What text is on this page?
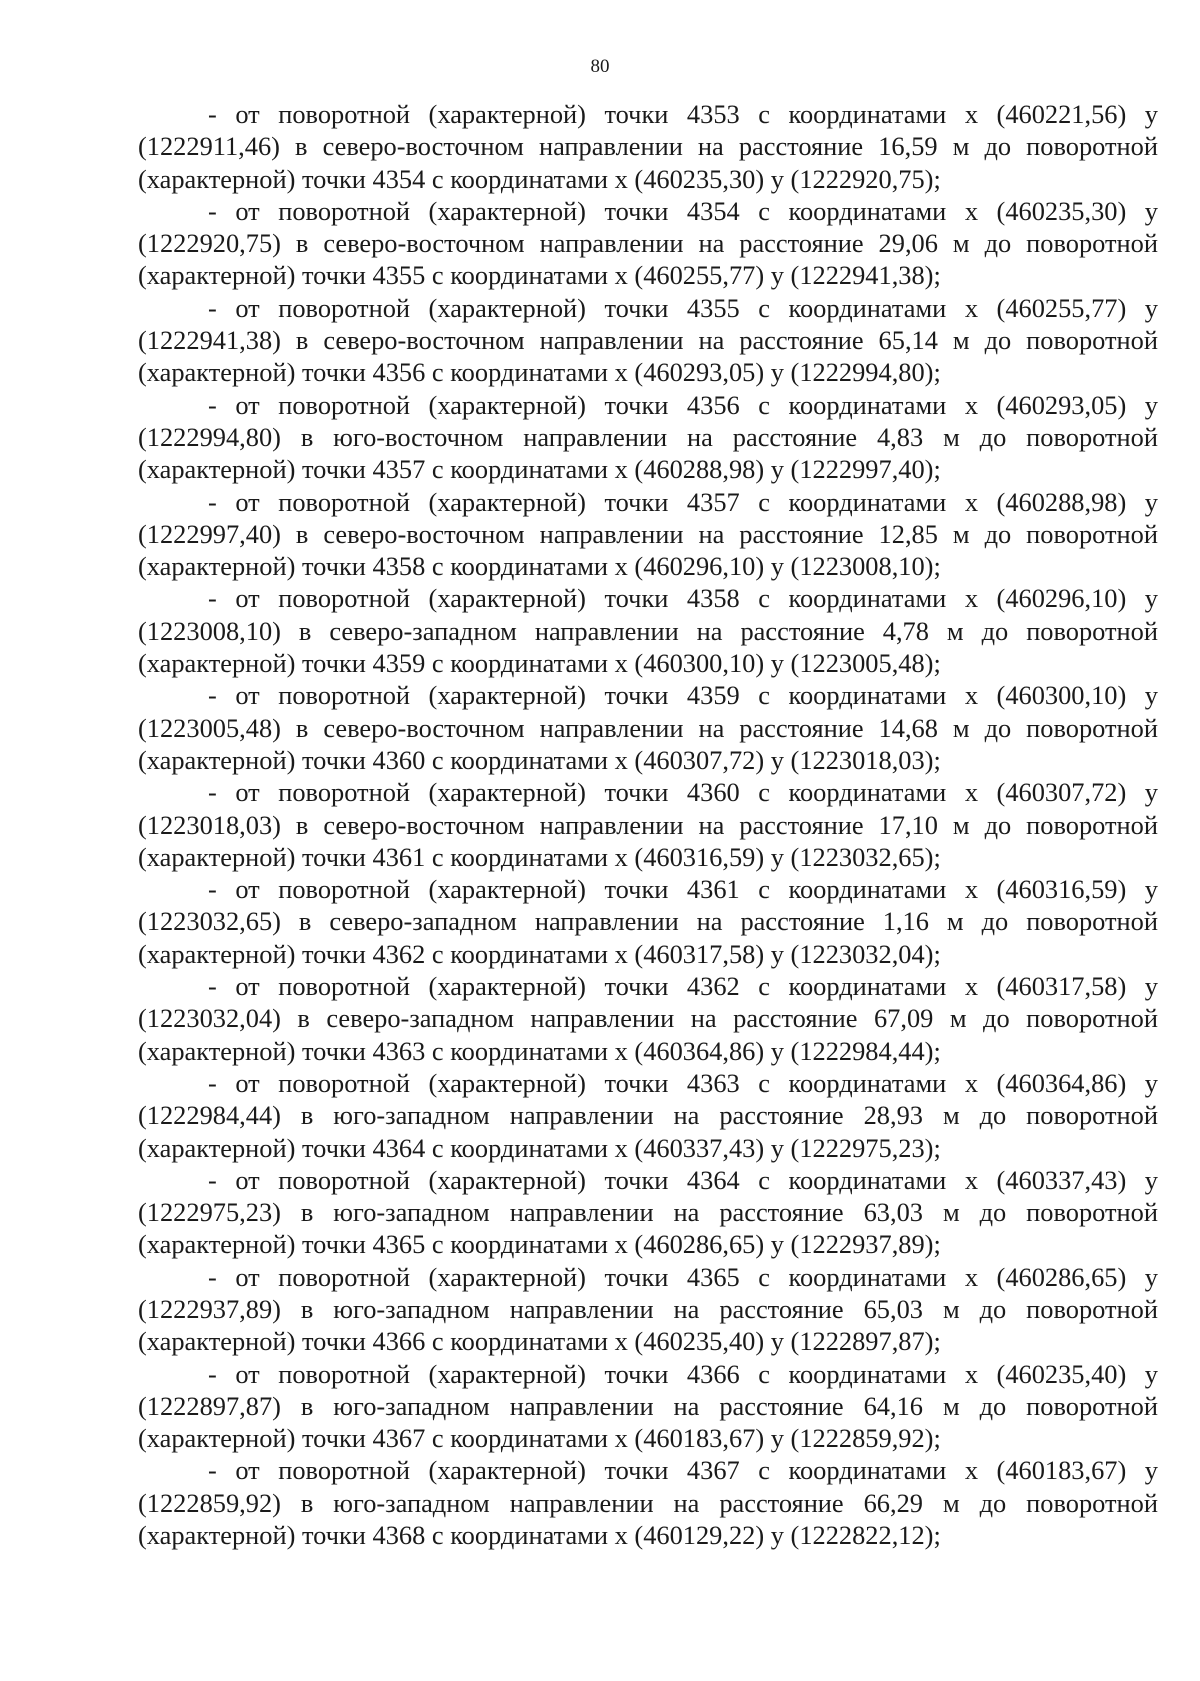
80

- от поворотной (характерной) точки 4353 с координатами x (460221,56) y (1222911,46) в северо-восточном направлении на расстояние 16,59 м до поворотной (характерной) точки 4354 с координатами x (460235,30) y (1222920,75);

- от поворотной (характерной) точки 4354 с координатами x (460235,30) y (1222920,75) в северо-восточном направлении на расстояние 29,06 м до поворотной (характерной) точки 4355 с координатами x (460255,77) y (1222941,38);

- от поворотной (характерной) точки 4355 с координатами x (460255,77) y (1222941,38) в северо-восточном направлении на расстояние 65,14 м до поворотной (характерной) точки 4356 с координатами x (460293,05) y (1222994,80);

- от поворотной (характерной) точки 4356 с координатами x (460293,05) y (1222994,80) в юго-восточном направлении на расстояние 4,83 м до поворотной (характерной) точки 4357 с координатами x (460288,98) y (1222997,40);

- от поворотной (характерной) точки 4357 с координатами x (460288,98) y (1222997,40) в северо-восточном направлении на расстояние 12,85 м до поворотной (характерной) точки 4358 с координатами x (460296,10) y (1223008,10);

- от поворотной (характерной) точки 4358 с координатами x (460296,10) y (1223008,10) в северо-западном направлении на расстояние 4,78 м до поворотной (характерной) точки 4359 с координатами x (460300,10) y (1223005,48);

- от поворотной (характерной) точки 4359 с координатами x (460300,10) y (1223005,48) в северо-восточном направлении на расстояние 14,68 м до поворотной (характерной) точки 4360 с координатами x (460307,72) y (1223018,03);

- от поворотной (характерной) точки 4360 с координатами x (460307,72) y (1223018,03) в северо-восточном направлении на расстояние 17,10 м до поворотной (характерной) точки 4361 с координатами x (460316,59) y (1223032,65);

- от поворотной (характерной) точки 4361 с координатами x (460316,59) y (1223032,65) в северо-западном направлении на расстояние 1,16 м до поворотной (характерной) точки 4362 с координатами x (460317,58) y (1223032,04);

- от поворотной (характерной) точки 4362 с координатами x (460317,58) y (1223032,04) в северо-западном направлении на расстояние 67,09 м до поворотной (характерной) точки 4363 с координатами x (460364,86) y (1222984,44);

- от поворотной (характерной) точки 4363 с координатами x (460364,86) y (1222984,44) в юго-западном направлении на расстояние 28,93 м до поворотной (характерной) точки 4364 с координатами x (460337,43) y (1222975,23);

- от поворотной (характерной) точки 4364 с координатами x (460337,43) y (1222975,23) в юго-западном направлении на расстояние 63,03 м до поворотной (характерной) точки 4365 с координатами x (460286,65) y (1222937,89);

- от поворотной (характерной) точки 4365 с координатами x (460286,65) y (1222937,89) в юго-западном направлении на расстояние 65,03 м до поворотной (характерной) точки 4366 с координатами x (460235,40) y (1222897,87);

- от поворотной (характерной) точки 4366 с координатами x (460235,40) y (1222897,87) в юго-западном направлении на расстояние 64,16 м до поворотной (характерной) точки 4367 с координатами x (460183,67) y (1222859,92);

- от поворотной (характерной) точки 4367 с координатами x (460183,67) y (1222859,92) в юго-западном направлении на расстояние 66,29 м до поворотной (характерной) точки 4368 с координатами x (460129,22) y (1222822,12);
